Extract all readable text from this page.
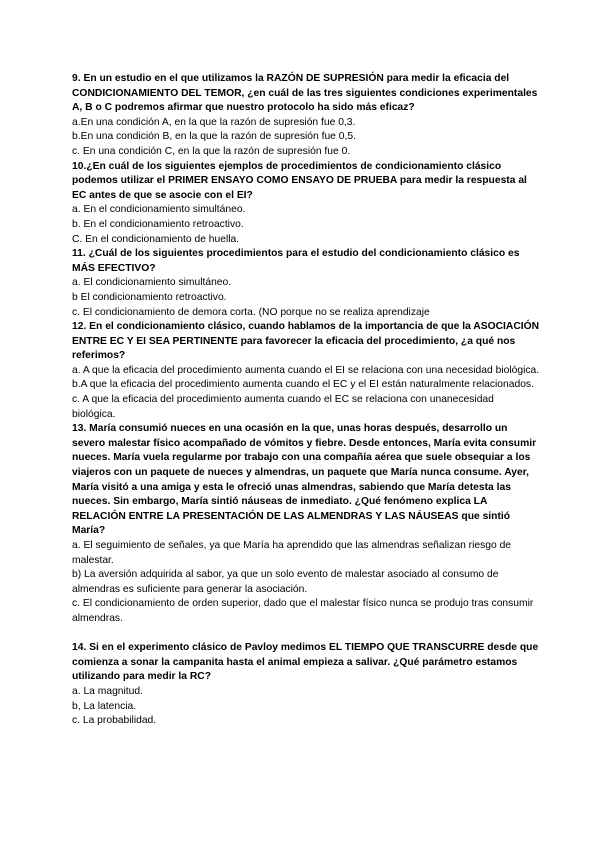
9. En un estudio en el que utilizamos la RAZÓN DE SUPRESIÓN para medir la eficacia del CONDICIONAMIENTO DEL TEMOR, ¿en cuál de las tres siguientes condiciones experimentales A, B o C podremos afirmar que nuestro protocolo ha sido más eficaz?

a.En una condición A, en la que la razón de supresión fue 0,3.

b.En una condición B, en la que la razón de supresión fue 0,5.

c. En una condición C, en la que la razón de supresión fue 0.

10.¿En cuál de los siguientes ejemplos de procedimientos de condicionamiento clásico podemos utilizar el PRIMER ENSAYO COMO ENSAYO DE PRUEBA para medir la respuesta al EC antes de que se asocie con el EI?

a. En el condicionamiento simultáneo.

b. En el condicionamiento retroactivo.

C. En el condicionamiento de huella.

11. ¿Cuál de los siguientes procedimientos para el estudio del condicionamiento clásico es MÁS EFECTIVO?

a. El condicionamiento simultáneo.

b El condicionamiento retroactivo.

c. El condicionamiento de demora corta. (NO porque no se realiza aprendizaje

12. En el condicionamiento clásico, cuando hablamos de la importancia de que la ASOCIACIÓN ENTRE EC Y EI SEA PERTINENTE para favorecer la eficacia del procedimiento, ¿a qué nos referimos?

a. A que la eficacia del procedimiento aumenta cuando el EI se relaciona con una necesidad biológica.

b.A que la eficacia del procedimiento aumenta cuando el EC y el EI están naturalmente relacionados.

c. A que la eficacia del procedimiento aumenta cuando el EC se relaciona con unanecesidad biológica.

13. María consumió nueces en una ocasión en la que, unas horas después, desarrollo un severo malestar físico acompañado de vómitos y fiebre. Desde entonces, María evita consumir nueces. María vuela regularme por trabajo con una compañía aérea que suele obsequiar a los viajeros con un paquete de nueces y almendras, un paquete que María nunca consume. Ayer, María visitó a una amiga y esta le ofreció unas almendras, sabiendo que María detesta las nueces. Sin embargo, María sintió náuseas de inmediato. ¿Qué fenómeno explica LA RELACIÓN ENTRE LA PRESENTACIÓN DE LAS ALMENDRAS Y LAS NÁUSEAS que sintió María?

a. El seguimiento de señales, ya que María ha aprendido que las almendras señalizan riesgo de malestar.

b) La aversión adquirida al sabor, ya que un solo evento de malestar asociado al consumo de almendras es suficiente para generar la asociación.

c. El condicionamiento de orden superior, dado que el malestar físico nunca se produjo tras consumir almendras.

14. Si en el experimento clásico de Pavloy medimos EL TIEMPO QUE TRANSCURRE desde que comienza a sonar la campanita hasta el animal empieza a salivar. ¿Qué parámetro estamos utilizando para medir la RC?

a. La magnitud.

b, La latencia.

c. La probabilidad.
